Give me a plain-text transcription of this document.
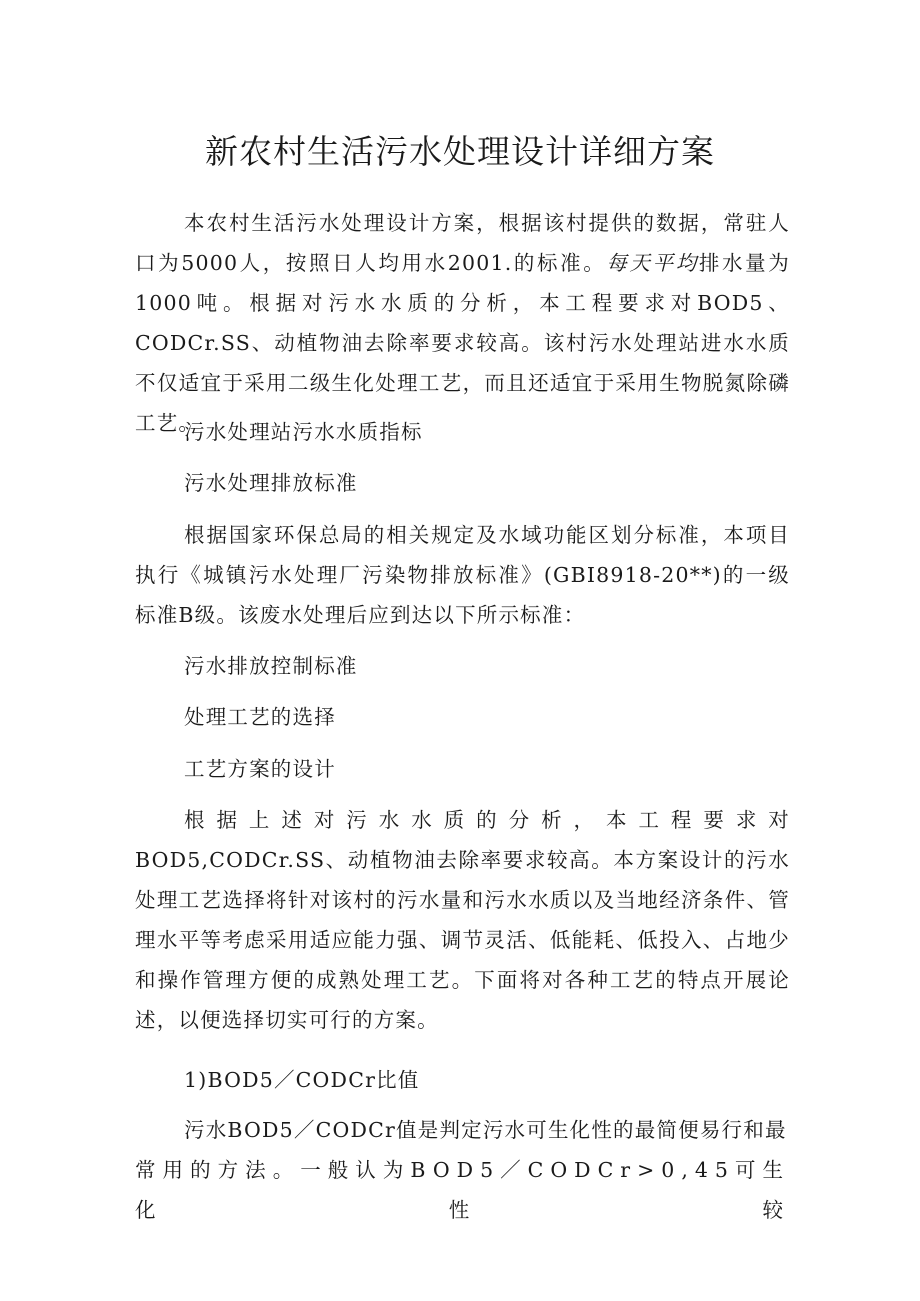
新农村生活污水处理设计详细方案

本农村生活污水处理设计方案，根据该村提供的数据，常驻人口为5000人，按照日人均用水2001.的标准。每天平均排水量为1000吨。根据对污水水质的分析，本工程要求对BOD5、CODCr.SS、动植物油去除率要求较高。该村污水处理站进水水质不仅适宜于采用二级生化处理工艺，而且还适宜于采用生物脱氮除磷工艺。

污水处理站污水水质指标

污水处理排放标准

根据国家环保总局的相关规定及水域功能区划分标准，本项目执行《城镇污水处理厂污染物排放标准》(GBI8918-20**)的一级标准B级。该废水处理后应到达以下所示标准：

污水排放控制标准

处理工艺的选择

工艺方案的设计

根据上述对污水水质的分析，本工程要求对BOD5,CODCr.SS、动植物油去除率要求较高。本方案设计的污水处理工艺选择将针对该村的污水量和污水水质以及当地经济条件、管理水平等考虑采用适应能力强、调节灵活、低能耗、低投入、占地少和操作管理方便的成熟处理工艺。下面将对各种工艺的特点开展论述，以便选择切实可行的方案。

1)BOD5／CODCr比值

污水BOD5／CODCr值是判定污水可生化性的最简便易行和最

常用的方法。一般认为BOD5／CODCr>0,45可生化性较
